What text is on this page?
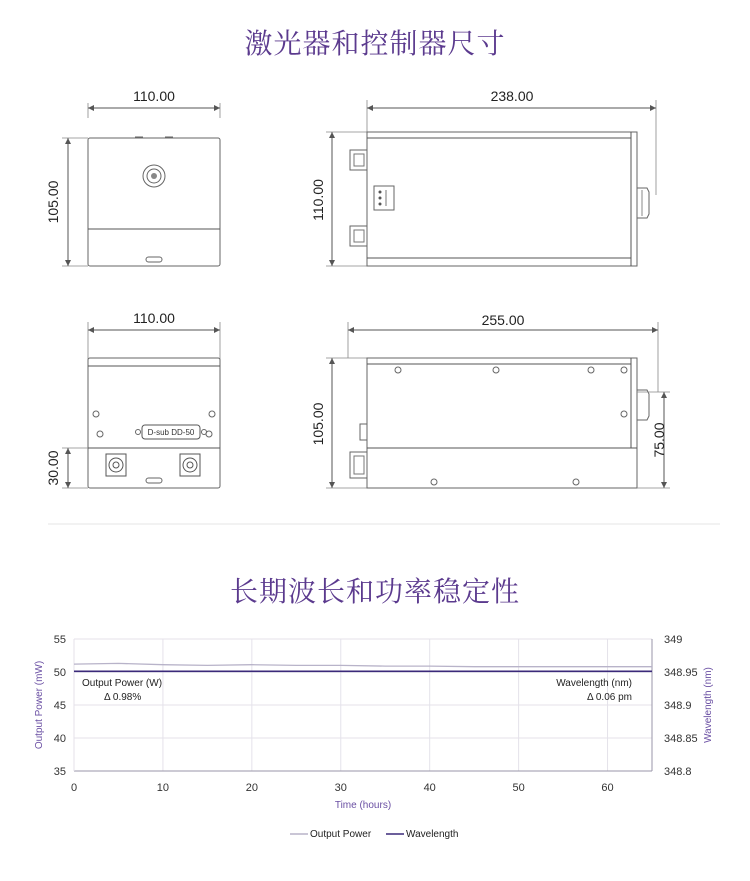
激光器和控制器尺寸
110.00
105.00
238.00
110.00
110.00
D-sub DD-50
30.00
255.00
105.00	75.00
长期波长和功率稳定性
55
50
45
40
35
349
348.95
348.9
348.85
348.8
0	10	20	30	40	50	60
Time (hours)
Output Power (mW)	Wavelength (nm)
Output Power (W)
Δ 0.98%
Wavelength (nm)
Δ 0.06 pm
Output Power	Wavelength
